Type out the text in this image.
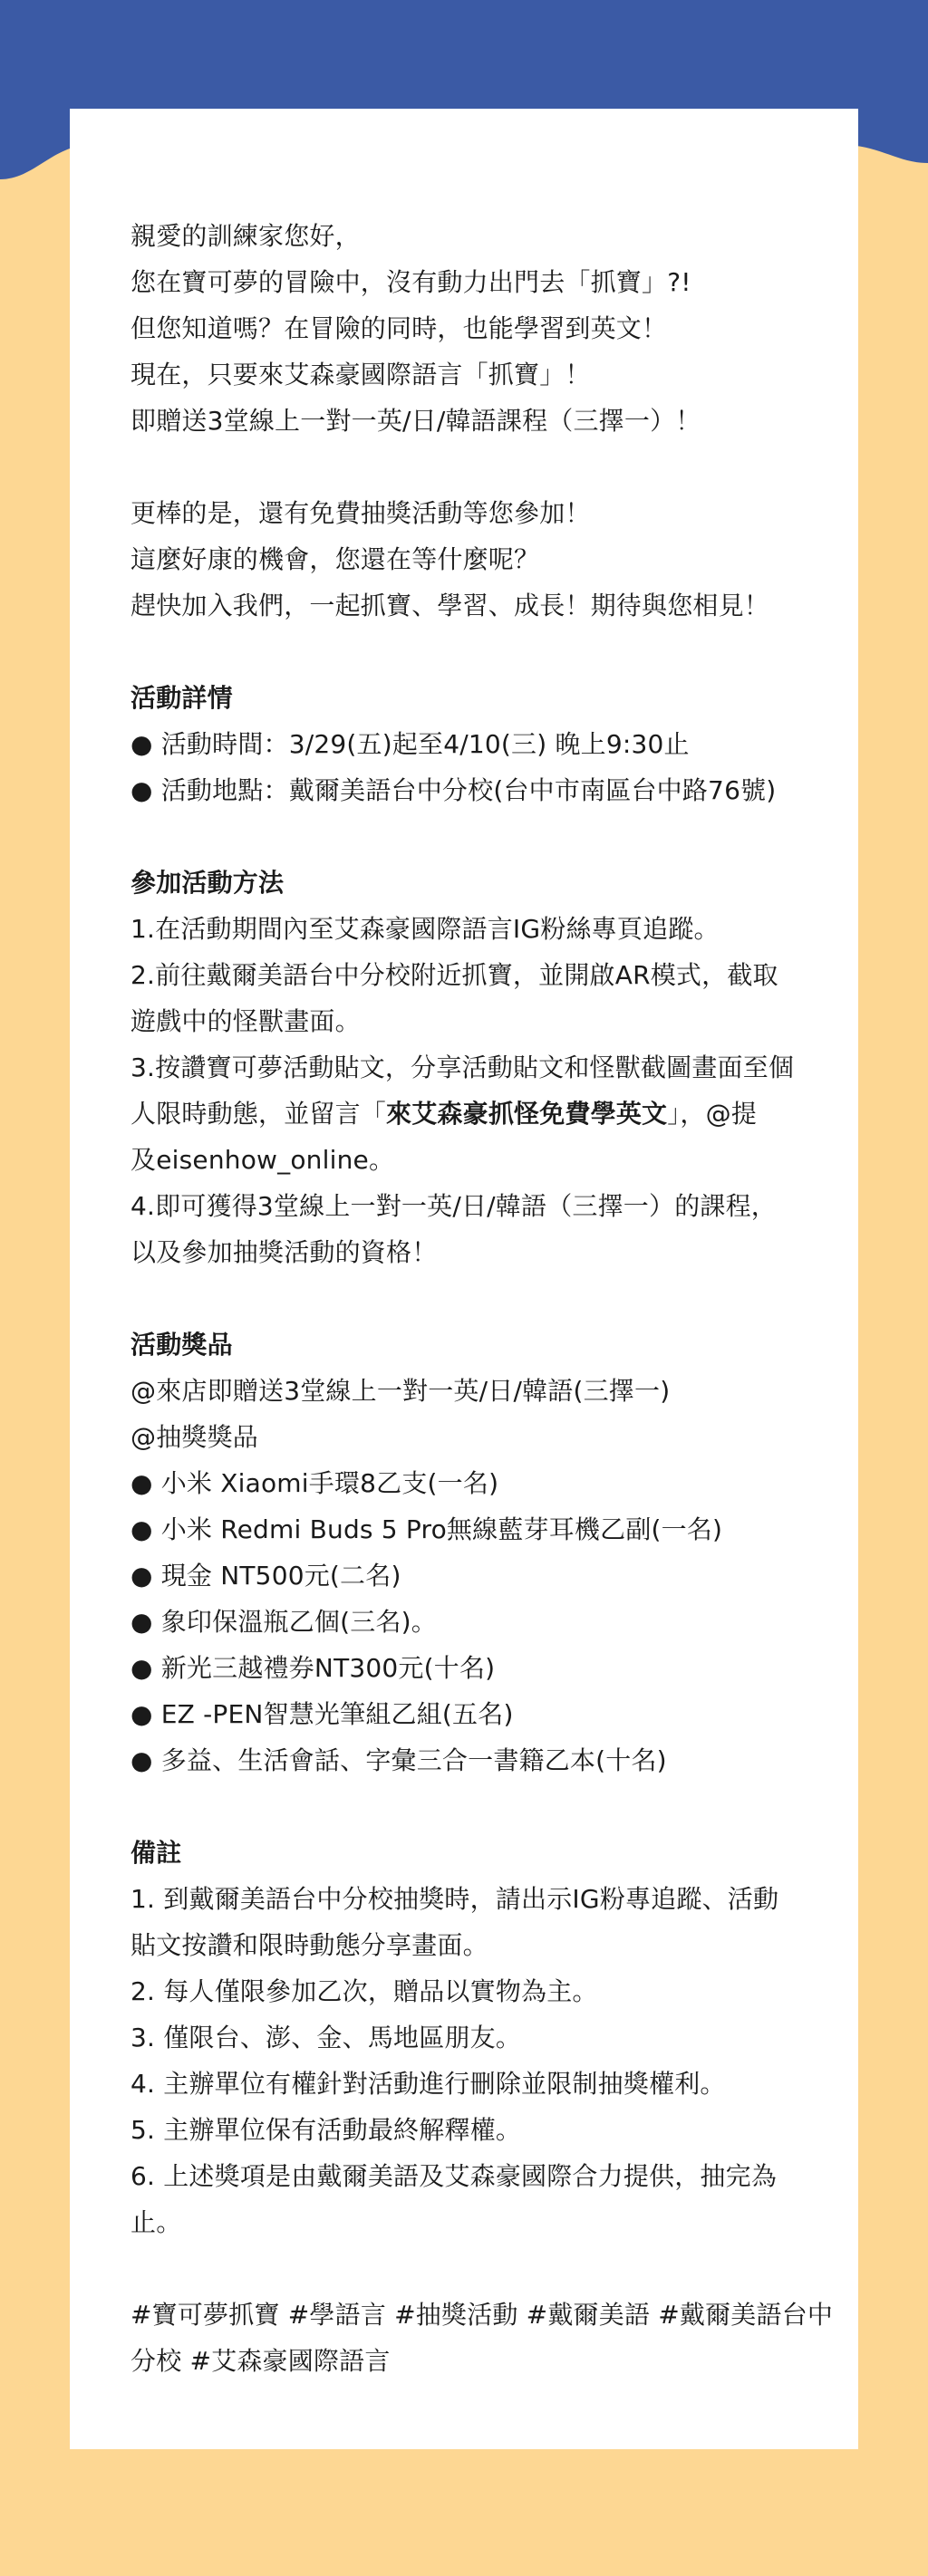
親愛的訓練家您好，
您在寶可夢的冒險中，沒有動力出門去「抓寶」?!
但您知道嗎？在冒險的同時，也能學習到英文！
現在，只要來艾森豪國際語言「抓寶」！
即贈送3堂線上一對一英/日/韓語課程（三擇一）！
更棒的是，還有免費抽獎活動等您參加！
這麼好康的機會，您還在等什麼呢？
趕快加入我們，一起抓寶、學習、成長！期待與您相見！
活動詳情
● 活動時間：3/29(五)起至4/10(三) 晚上9:30止
● 活動地點：戴爾美語台中分校(台中市南區台中路76號)
參加活動方法
1.在活動期間內至艾森豪國際語言IG粉絲專頁追蹤。
2.前往戴爾美語台中分校附近抓寶，並開啟AR模式，截取
遊戲中的怪獸畫面。
3.按讚寶可夢活動貼文，分享活動貼文和怪獸截圖畫面至個
人限時動態，並留言「來艾森豪抓怪免費學英文」，@提
及eisenhow_online。
4.即可獲得3堂線上一對一英/日/韓語（三擇一）的課程，
以及參加抽獎活動的資格！
活動獎品
@來店即贈送3堂線上一對一英/日/韓語(三擇一)
@抽獎獎品
● 小米 Xiaomi手環8乙支(一名)
● 小米 Redmi Buds 5 Pro無線藍芽耳機乙副(一名)
● 現金 NT500元(二名)
● 象印保溫瓶乙個(三名)。
● 新光三越禮券NT300元(十名)
● EZ -PEN智慧光筆組乙組(五名)
● 多益、生活會話、字彙三合一書籍乙本(十名)
備註
1. 到戴爾美語台中分校抽獎時，請出示IG粉專追蹤、活動
貼文按讚和限時動態分享畫面。
2. 每人僅限參加乙次，贈品以實物為主。
3. 僅限台、澎、金、馬地區朋友。
4. 主辦單位有權針對活動進行刪除並限制抽獎權利。
5. 主辦單位保有活動最終解釋權。
6. 上述獎項是由戴爾美語及艾森豪國際合力提供，抽完為
止。
#寶可夢抓寶 #學語言 #抽獎活動 #戴爾美語 #戴爾美語台中
分校 #艾森豪國際語言
